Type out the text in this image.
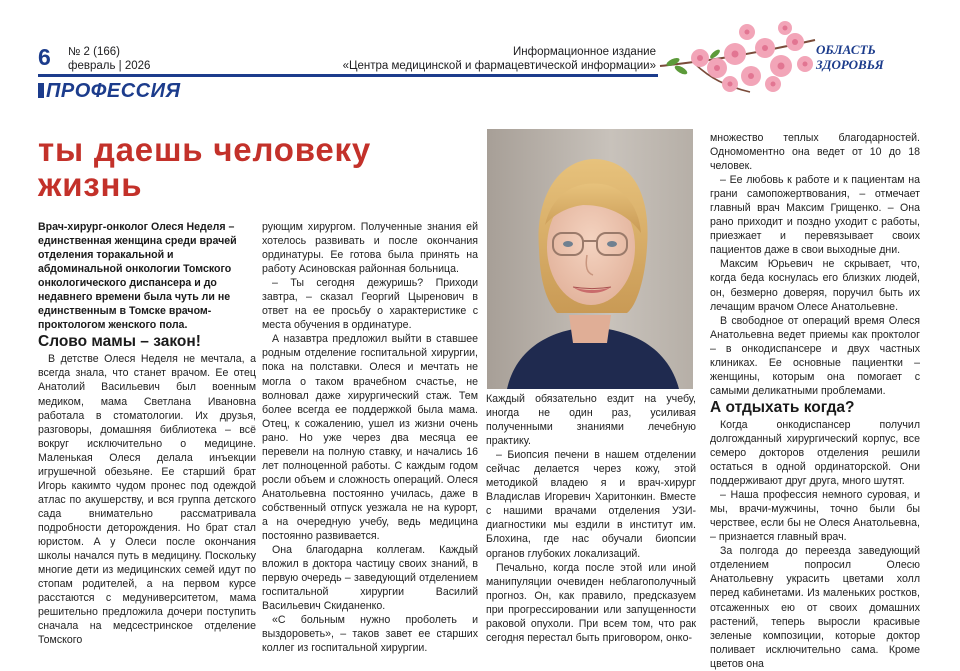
6 № 2 (166)
февраль | 2026
Информационное издание
«Центра медицинской и фармацевтической информации»
ОБЛАСТЬ
ЗДОРОВЬЯ
ПРОФЕССИЯ
ты даешь человеку жизнь

Врач-хирург-онколог Олеся Неделя – единственная женщина среди врачей отделения торакальной и абдоминальной онкологии Томского онкологического диспансера и до недавнего времени была чуть ли не единственным в Томске врачом-проктологом женского пола.

Слово мамы – закон!

В детстве Олеся Неделя не мечтала, а всегда знала, что станет врачом. Ее отец Анатолий Васильевич был военным медиком, мама Светлана Ивановна работала в стоматологии. Их друзья, разговоры, домашняя библиотека – всё вокруг исключительно о медицине. Маленькая Олеся делала инъекции игрушечной обезьяне. Ее старший брат Игорь какимто чудом пронес под одеждой атлас по акушерству, и вся группа детского сада внимательно рассматривала подробности деторождения. Но брат стал юристом. А у Олеси после окончания школы начался путь в медицину. Поскольку многие дети из медицинских семей идут по стопам родителей, а на первом курсе расстаются с медуниверситетом, мама решительно предложила дочери поступить сначала на медсестринское отделение Томского

рующим хирургом. Полученные знания ей хотелось развивать и после окончания ординатуры. Ее готова была принять на работу Асиновская районная больница.

– Ты сегодня дежуришь? Приходи завтра, – сказал Георгий Цыренович в ответ на ее просьбу о характеристике с места обучения в ординатуре.

А назавтра предложил выйти в ставшее родным отделение госпитальной хирургии, пока на полставки. Олеся и мечтать не могла о таком врачебном счастье, не волновал даже хирургический стаж. Тем более всегда ее поддержкой была мама. Отец, к сожалению, ушел из жизни очень рано. Но уже через два месяца ее перевели на полную ставку, и начались 16 лет полноценной работы. С каждым годом росли объем и сложность операций. Олеся Анатольевна постоянно училась, даже в собственный отпуск уезжала не на курорт, а на очередную учебу, ведь медицина постоянно развивается.

Она благодарна коллегам. Каждый вложил в доктора частицу своих знаний, в первую очередь – заведующий отделением госпитальной хирургии Василий Васильевич Скиданенко.

«С больным нужно проболеть и выздороветь», – таков завет ее старших коллег из госпитальной хирургии.

Каждый обязательно ездит на учебу, иногда не один раз, усиливая полученными знаниями лечебную практику.

– Биопсия печени в нашем отделении сейчас делается через кожу, этой методикой владею я и врач-хирург Владислав Игоревич Харитонкин. Вместе с нашими врачами отделения УЗИ-диагностики мы ездили в институт им. Блохина, где нас обучали биопсии органов глубоких локализаций.

Печально, когда после этой или иной манипуляции очевиден неблагополучный прогноз. Он, как правило, предсказуем при прогрессировании или запущенности раковой опухоли. При всем том, что рак сегодня перестал быть приговором, онко-

множество теплых благодарностей. Одномоментно она ведет от 10 до 18 человек.

– Ее любовь к работе и к пациентам на грани самопожертвования, – отмечает главный врач Максим Грищенко. – Она рано приходит и поздно уходит с работы, приезжает и перевязывает своих пациентов даже в свои выходные дни.

Максим Юрьевич не скрывает, что, когда беда коснулась его близких людей, он, безмерно доверяя, поручил быть их лечащим врачом Олесе Анатольевне.

В свободное от операций время Олеся Анатольевна ведет приемы как проктолог – в онкодиспансере и двух частных клиниках. Ее основные пациентки – женщины, которым она помогает с самыми деликатными проблемами.

А отдыхать когда?

Когда онкодиспансер получил долгожданный хирургический корпус, все семеро докторов отделения решили остаться в одной ординаторской. Они поддерживают друг друга, много шутят.

– Наша профессия немного суровая, и мы, врачи-мужчины, точно были бы черствее, если бы не Олеся Анатольевна, – признается главный врач.

За полгода до переезда заведующий отделением попросил Олесю Анатольевну украсить цветами холл перед кабинетами. Из маленьких ростков, отсаженных ею от своих домашних растений, теперь выросли красивые зеленые композиции, которые доктор поливает исключительно сама. Кроме цветов она
